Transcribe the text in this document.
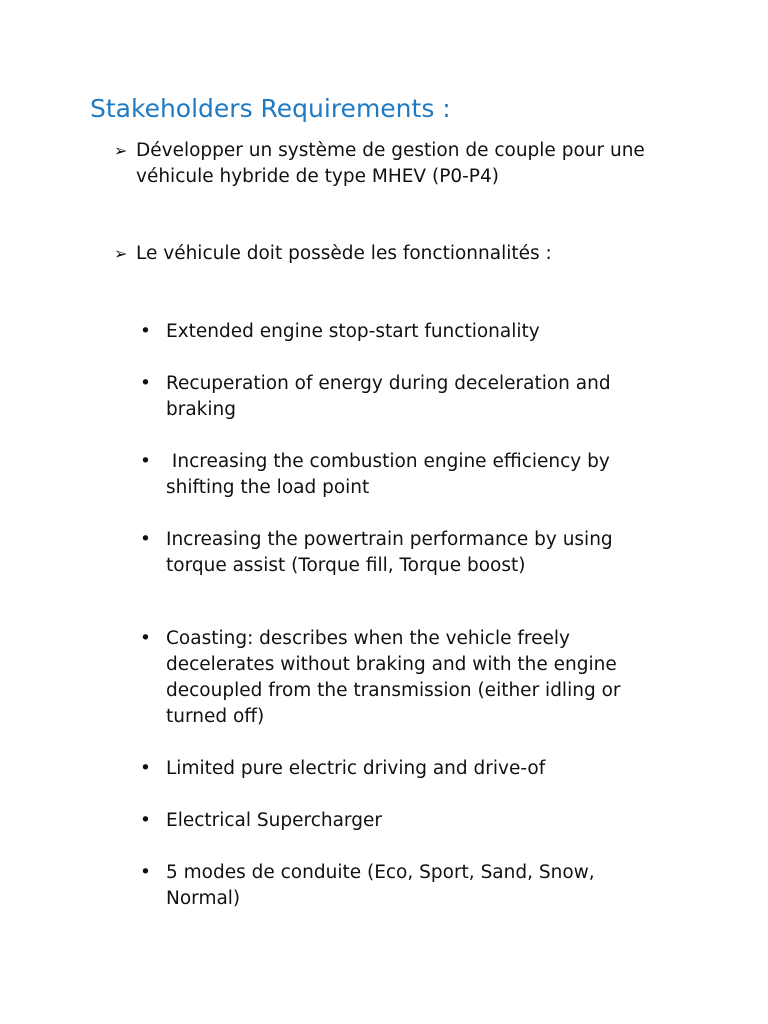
Stakeholders Requirements :
➢ Développer un système de gestion de couple pour une véhicule hybride de type MHEV (P0-P4)
➢ Le véhicule doit possède les fonctionnalités :
• Extended engine stop-start functionality
• Recuperation of energy during deceleration and braking
• Increasing the combustion engine efficiency by shifting the load point
• Increasing the powertrain performance by using torque assist (Torque fill, Torque boost)
• Coasting: describes when the vehicle freely decelerates without braking and with the engine decoupled from the transmission (either idling or turned off)
• Limited pure electric driving and drive-of
• Electrical Supercharger
• 5 modes de conduite (Eco, Sport, Sand, Snow, Normal)
